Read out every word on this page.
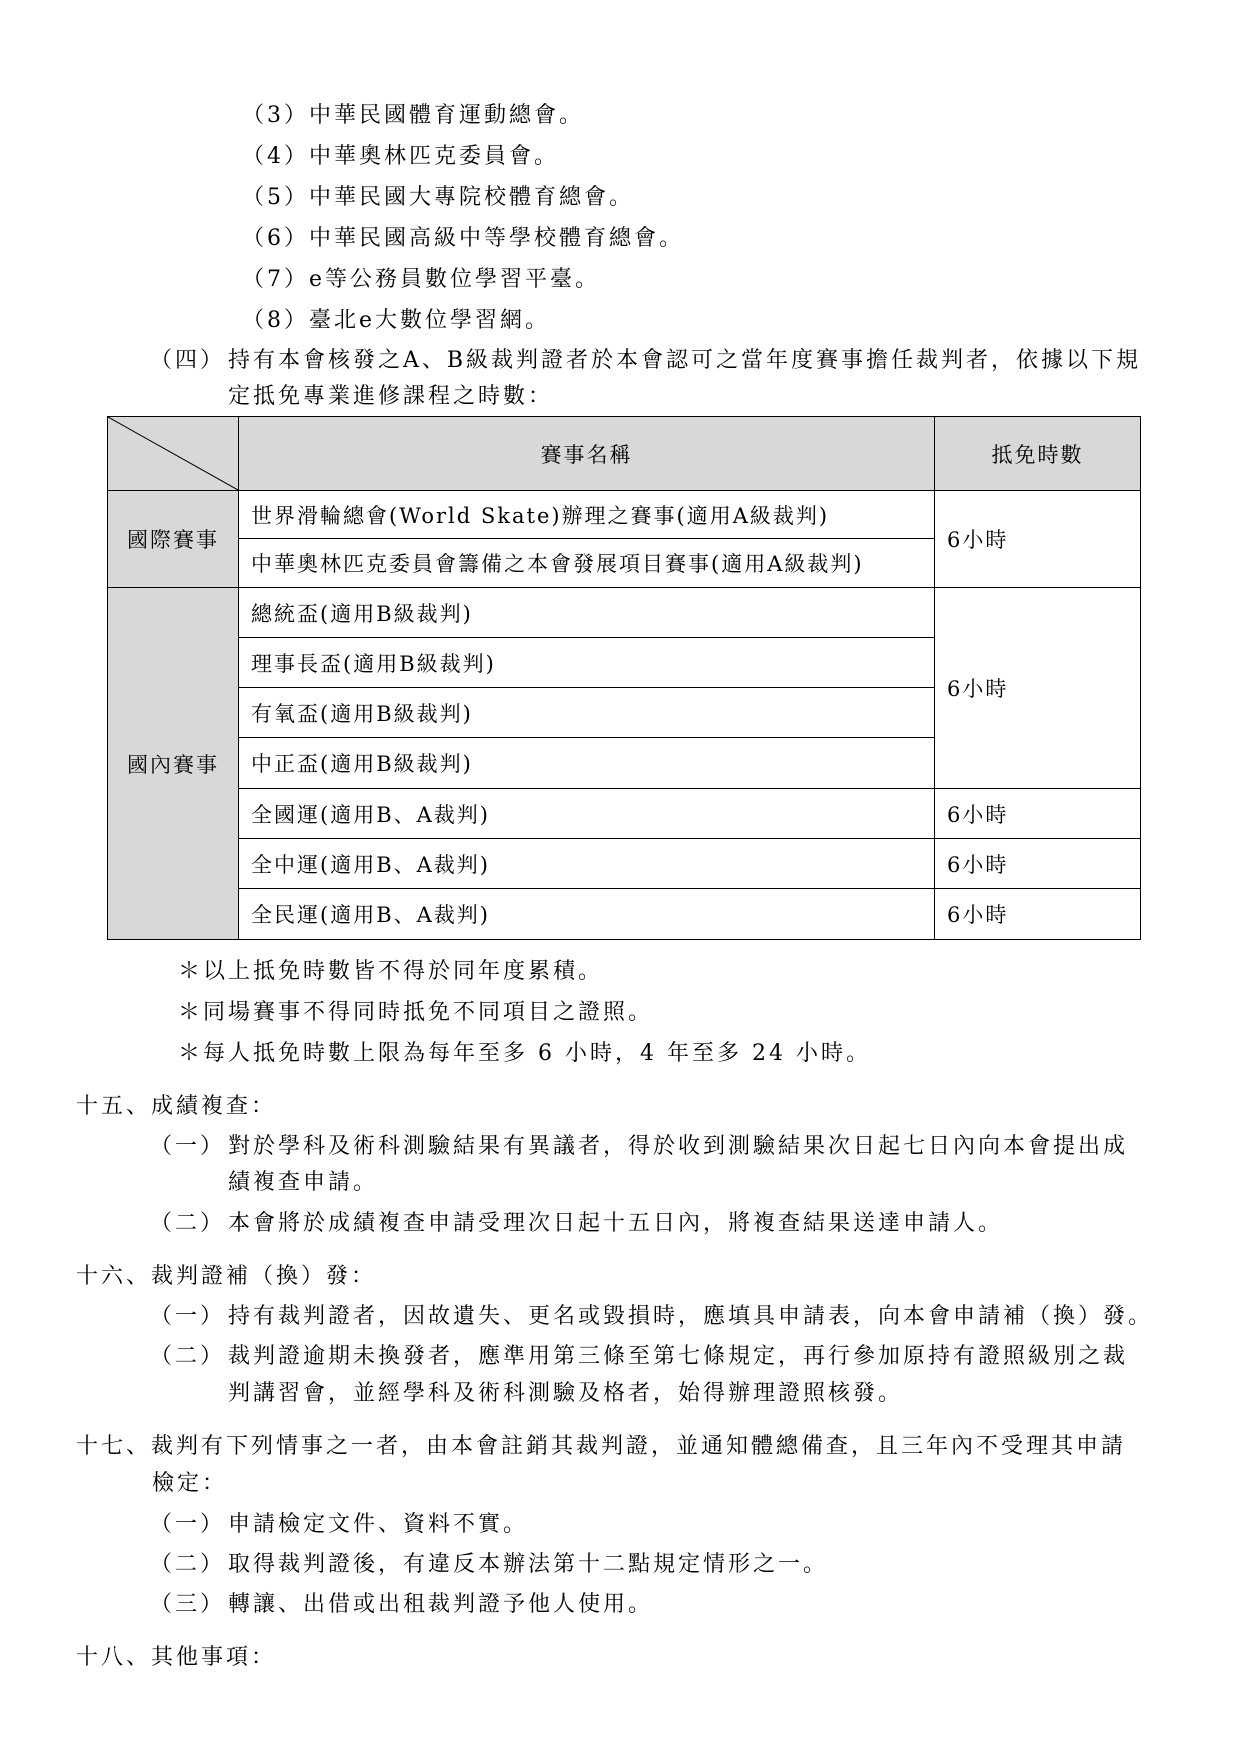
（3）中華民國體育運動總會。
（4）中華奧林匹克委員會。
（5）中華民國大專院校體育總會。
（6）中華民國高級中等學校體育總會。
（7）e等公務員數位學習平臺。
（8）臺北e大數位學習網。
（四） 持有本會核發之A、B級裁判證者於本會認可之當年度賽事擔任裁判者，依據以下規
定抵免專業進修課程之時數：
	賽事名稱	抵免時數
國際賽事	世界滑輪總會(World Skate)辦理之賽事(適用A級裁判)	6小時
	中華奧林匹克委員會籌備之本會發展項目賽事(適用A級裁判)	
國內賽事	總統盃(適用B級裁判)	6小時
	理事長盃(適用B級裁判)	
	有氧盃(適用B級裁判)	
	中正盃(適用B級裁判)	
	全國運(適用B、A裁判)	6小時
	全中運(適用B、A裁判)	6小時
	全民運(適用B、A裁判)	6小時
＊以上抵免時數皆不得於同年度累積。
＊同場賽事不得同時抵免不同項目之證照。
＊每人抵免時數上限為每年至多 6 小時，4 年至多 24 小時。
十五、成績複查：
（一） 對於學科及術科測驗結果有異議者，得於收到測驗結果次日起七日內向本會提出成
績複查申請。
（二） 本會將於成績複查申請受理次日起十五日內，將複查結果送達申請人。
十六、裁判證補（換）發：
（一） 持有裁判證者，因故遺失、更名或毀損時，應填具申請表，向本會申請補（換）發。
（二） 裁判證逾期未換發者，應準用第三條至第七條規定，再行參加原持有證照級別之裁
判講習會，並經學科及術科測驗及格者，始得辦理證照核發。
十七、裁判有下列情事之一者，由本會註銷其裁判證，並通知體總備查，且三年內不受理其申請
檢定：
（一） 申請檢定文件、資料不實。
（二） 取得裁判證後，有違反本辦法第十二點規定情形之一。
（三） 轉讓、出借或出租裁判證予他人使用。
十八、其他事項：
